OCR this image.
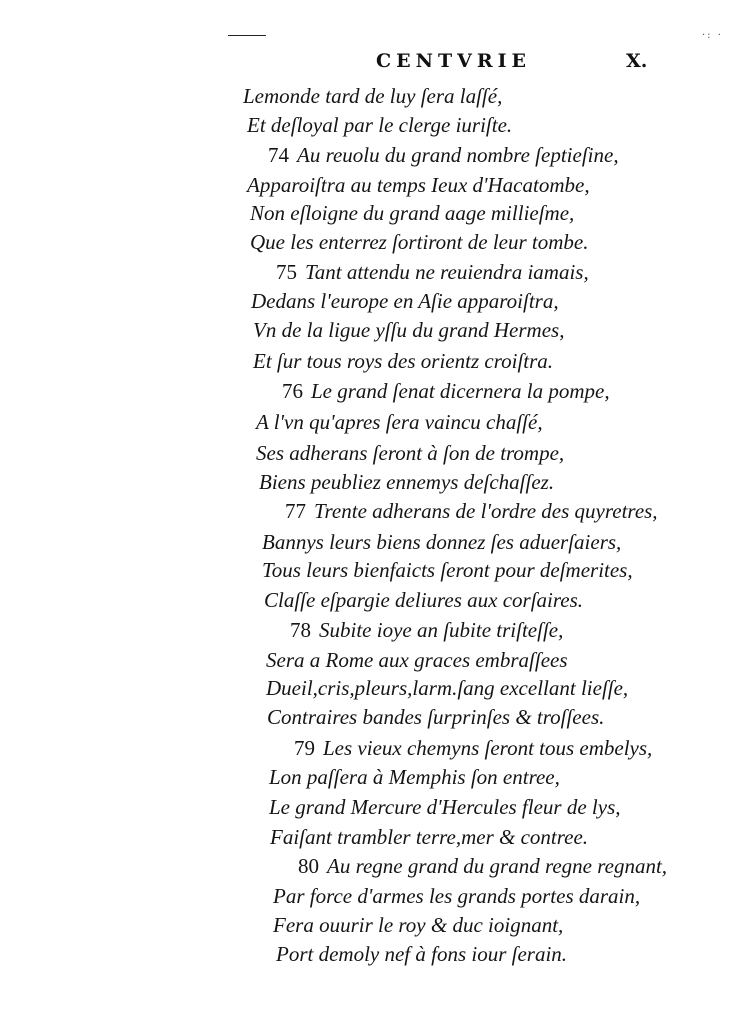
·: ·
CENTVRIE	X.
Lemonde tard de luy ſera laſſé,
Et deſloyal par le clerge iuriſte.
74 Au reuolu du grand nombre ſeptieſine,
Apparoiſtra au temps Ieux d'Hacatombe,
Non eſloigne du grand aage millieſme,
Que les enterrez ſortiront de leur tombe.
75 Tant attendu ne reuiendra iamais,
Dedans l'europe en Aſie apparoiſtra,
Vn de la ligue yſſu du grand Hermes,
Et ſur tous roys des orientz croiſtra.
76 Le grand ſenat dicernera la pompe,
A l'vn qu'apres ſera vaincu chaſſé,
Ses adherans ſeront à ſon de trompe,
Biens peubliez ennemys deſchaſſez.
77 Trente adherans de l'ordre des quyretres,
Bannys leurs biens donnez ſes aduerſaiers,
Tous leurs bienfaicts ſeront pour deſmerites,
Claſſe eſpargie deliures aux corſaires.
78 Subite ioye an ſubite triſteſſe,
Sera a Rome aux graces embraſſees
Dueil,cris,pleurs,larm.ſang excellant lieſſe,
Contraires bandes ſurprinſes & troſſees.
79 Les vieux chemyns ſeront tous embelys,
Lon paſſera à Memphis ſon entree,
Le grand Mercure d'Hercules fleur de lys,
Faiſant trambler terre,mer & contree.
80 Au regne grand du grand regne regnant,
Par force d'armes les grands portes darain,
Fera ouurir le roy & duc ioignant,
Port demoly nef à fons iour ſerain.
